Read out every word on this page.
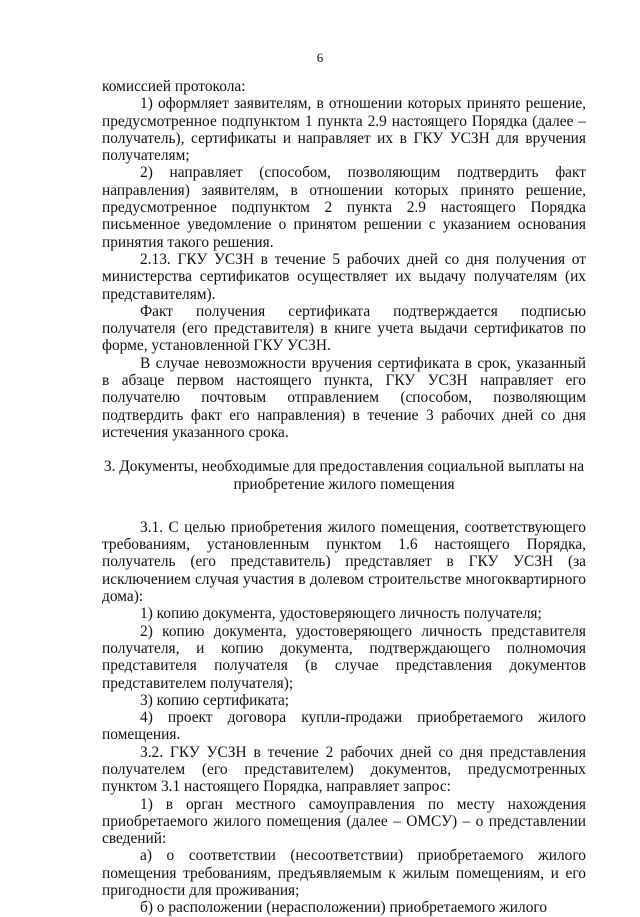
6

комиссией протокола:

1) оформляет заявителям, в отношении которых принято решение, предусмотренное подпунктом 1 пункта 2.9 настоящего Порядка (далее – получатель), сертификаты и направляет их в ГКУ УСЗН для вручения получателям;

2) направляет (способом, позволяющим подтвердить факт направления) заявителям, в отношении которых принято решение, предусмотренное подпунктом 2 пункта 2.9 настоящего Порядка письменное уведомление о принятом решении с указанием основания принятия такого решения.

2.13. ГКУ УСЗН в течение 5 рабочих дней со дня получения от министерства сертификатов осуществляет их выдачу получателям (их представителям).

Факт получения сертификата подтверждается подписью получателя (его представителя) в книге учета выдачи сертификатов по форме, установленной ГКУ УСЗН.

В случае невозможности вручения сертификата в срок, указанный в абзаце первом настоящего пункта, ГКУ УСЗН направляет его получателю почтовым отправлением (способом, позволяющим подтвердить факт его направления) в течение 3 рабочих дней со дня истечения указанного срока.

3. Документы, необходимые для предоставления социальной выплаты на приобретение жилого помещения

3.1. С целью приобретения жилого помещения, соответствующего требованиям, установленным пунктом 1.6 настоящего Порядка, получатель (его представитель) представляет в ГКУ УСЗН (за исключением случая участия в долевом строительстве многоквартирного дома):

1) копию документа, удостоверяющего личность получателя;

2) копию документа, удостоверяющего личность представителя получателя, и копию документа, подтверждающего полномочия представителя получателя (в случае представления документов представителем получателя);

3) копию сертификата;

4) проект договора купли-продажи приобретаемого жилого помещения.

3.2. ГКУ УСЗН в течение 2 рабочих дней со дня представления получателем (его представителем) документов, предусмотренных пунктом 3.1 настоящего Порядка, направляет запрос:

1) в орган местного самоуправления по месту нахождения приобретаемого жилого помещения (далее – ОМСУ) – о представлении сведений:

а) о соответствии (несоответствии) приобретаемого жилого помещения требованиям, предъявляемым к жилым помещениям, и его пригодности для проживания;

б) о расположении (нерасположении) приобретаемого жилого
